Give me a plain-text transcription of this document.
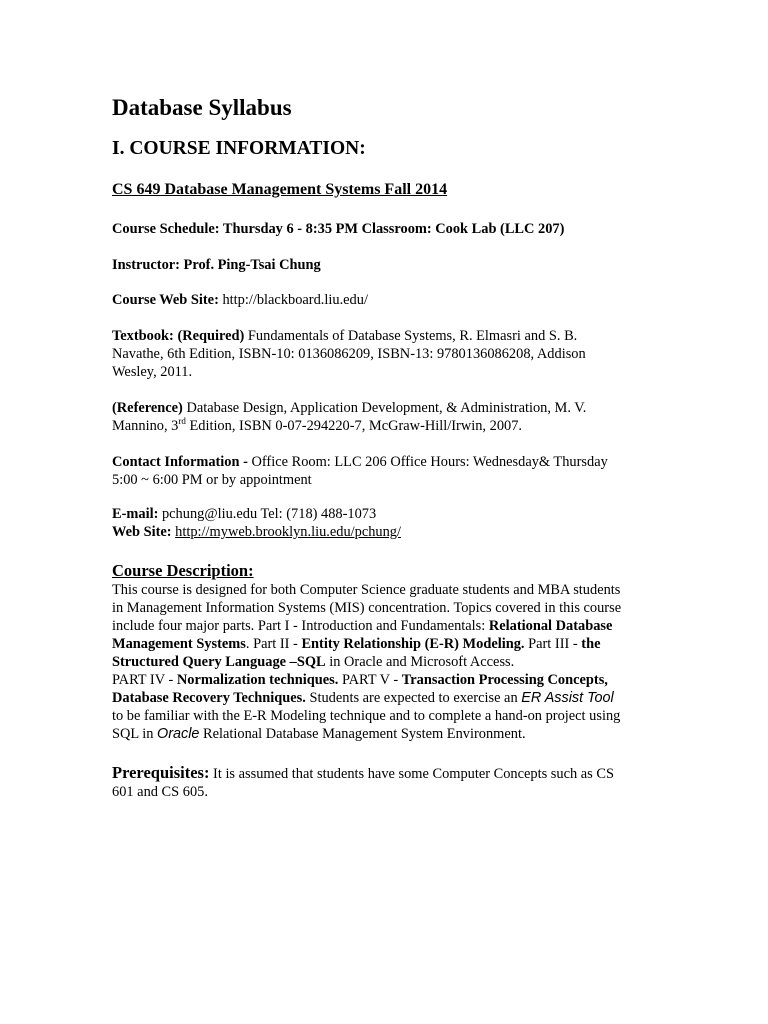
Database Syllabus
I. COURSE INFORMATION:
CS 649 Database Management Systems Fall 2014
Course Schedule: Thursday 6 - 8:35 PM Classroom: Cook Lab (LLC 207)
Instructor: Prof. Ping-Tsai Chung
Course Web Site: http://blackboard.liu.edu/
Textbook: (Required) Fundamentals of Database Systems, R. Elmasri and S. B.
Navathe, 6th Edition, ISBN-10: 0136086209, ISBN-13: 9780136086208, Addison
Wesley, 2011.
(Reference) Database Design, Application Development, & Administration, M. V.
Mannino, 3rd Edition, ISBN 0-07-294220-7, McGraw-Hill/Irwin, 2007.
Contact Information - Office Room: LLC 206 Office Hours: Wednesday& Thursday
5:00 ~ 6:00 PM or by appointment
E-mail: pchung@liu.edu Tel: (718) 488-1073
Web Site: http://myweb.brooklyn.liu.edu/pchung/
Course Description:
This course is designed for both Computer Science graduate students and MBA students
in Management Information Systems (MIS) concentration. Topics covered in this course
include four major parts. Part I - Introduction and Fundamentals: Relational Database
Management Systems. Part II - Entity Relationship (E-R) Modeling. Part III - the
Structured Query Language –SQL in Oracle and Microsoft Access.
PART IV - Normalization techniques. PART V - Transaction Processing Concepts,
Database Recovery Techniques. Students are expected to exercise an ER Assist Tool
to be familiar with the E-R Modeling technique and to complete a hand-on project using
SQL in Oracle Relational Database Management System Environment.
Prerequisites: It is assumed that students have some Computer Concepts such as CS
601 and CS 605.
